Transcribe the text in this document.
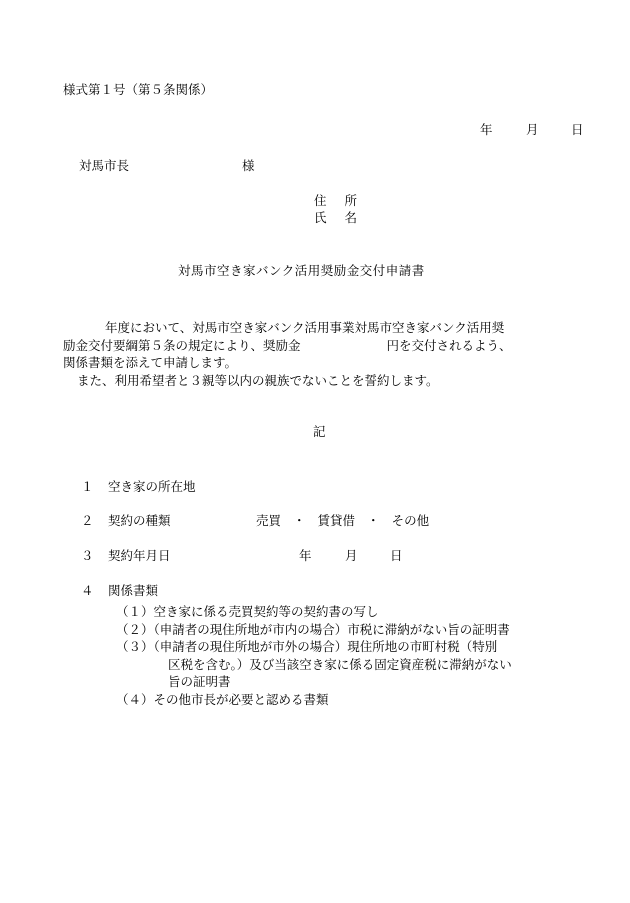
様式第１号（第５条関係）
年	月	日
対馬市長	様
住 所
氏 名
対馬市空き家バンク活用奨励金交付申請書
年度において、対馬市空き家バンク活用事業対馬市空き家バンク活用奨
励金交付要綱第５条の規定により、奨励金	円を交付されるよう、
関係書類を添えて申請します。
また、利用希望者と３親等以内の親族でないことを誓約します。
記
１ 空き家の所在地
２ 契約の種類	売買 ・ 賃貸借 ・ その他
３ 契約年月日	年	月	日
４ 関係書類
（１）空き家に係る売買契約等の契約書の写し
（２）（申請者の現住所地が市内の場合）市税に滞納がない旨の証明書
（３）（申請者の現住所地が市外の場合）現住所地の市町村税（特別
区税を含む。）及び当該空き家に係る固定資産税に滞納がない
旨の証明書
（４）その他市長が必要と認める書類
